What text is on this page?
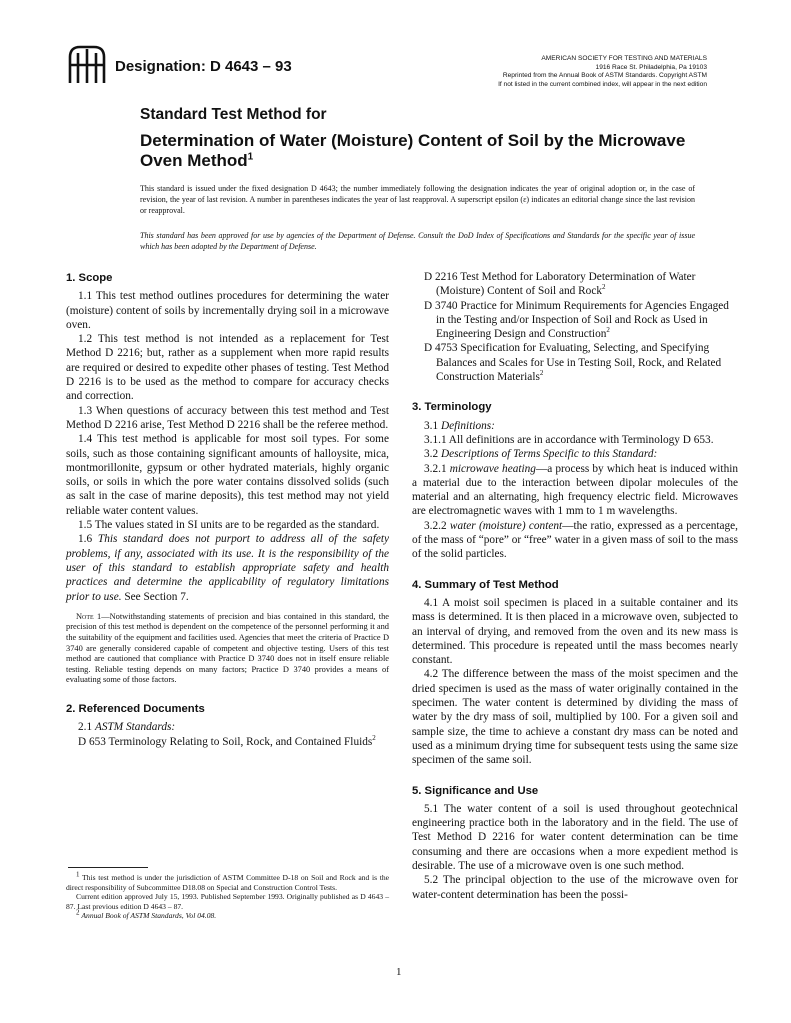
Designation: D 4643 – 93	AMERICAN SOCIETY FOR TESTING AND MATERIALS
1916 Race St. Philadelphia, Pa 19103
Reprinted from the Annual Book of ASTM Standards. Copyright ASTM
If not listed in the current combined index, will appear in the next edition
Standard Test Method for
Determination of Water (Moisture) Content of Soil by the Microwave Oven Method$^1$

This standard is issued under the fixed designation D 4643; the number immediately following the designation indicates the year of original adoption or, in the case of revision, the year of last revision. A number in parentheses indicates the year of last reapproval. A superscript epsilon (ε) indicates an editorial change since the last revision or reapproval.

This standard has been approved for use by agencies of the Department of Defense. Consult the DoD Index of Specifications and Standards for the specific year of issue which has been adopted by the Department of Defense.

1. Scope

1.1 This test method outlines procedures for determining the water (moisture) content of soils by incrementally drying soil in a microwave oven.

1.2 This test method is not intended as a replacement for Test Method D 2216; but, rather as a supplement when more rapid results are required or desired to expedite other phases of testing. Test Method D 2216 is to be used as the method to compare for accuracy checks and correction.

1.3 When questions of accuracy between this test method and Test Method D 2216 arise, Test Method D 2216 shall be the referee method.

1.4 This test method is applicable for most soil types. For some soils, such as those containing significant amounts of halloysite, mica, montmorillonite, gypsum or other hydrated materials, highly organic soils, or soils in which the pore water contains dissolved solids (such as salt in the case of marine deposits), this test method may not yield reliable water content values.

1.5 The values stated in SI units are to be regarded as the standard.

1.6 This standard does not purport to address all of the safety problems, if any, associated with its use. It is the responsibility of the user of this standard to establish appropriate safety and health practices and determine the applicability of regulatory limitations prior to use. See Section 7.

Note 1—Notwithstanding statements of precision and bias contained in this standard, the precision of this test method is dependent on the competence of the personnel performing it and the suitability of the equipment and facilities used. Agencies that meet the criteria of Practice D 3740 are generally considered capable of competent and objective testing. Users of this test method are cautioned that compliance with Practice D 3740 does not in itself ensure reliable testing. Reliable testing depends on many factors; Practice D 3740 provides a means of evaluating some of those factors.

2. Referenced Documents

2.1 ASTM Standards:

D 653 Terminology Relating to Soil, Rock, and Contained Fluids$^2$

$^1$ This test method is under the jurisdiction of ASTM Committee D-18 on Soil and Rock and is the direct responsibility of Subcommittee D18.08 on Special and Construction Control Tests.

Current edition approved July 15, 1993. Published September 1993. Originally published as D 4643 – 87. Last previous edition D 4643 – 87.

$^2$ Annual Book of ASTM Standards, Vol 04.08.

D 2216 Test Method for Laboratory Determination of Water (Moisture) Content of Soil and Rock$^2$

D 3740 Practice for Minimum Requirements for Agencies Engaged in the Testing and/or Inspection of Soil and Rock as Used in Engineering Design and Construction$^2$

D 4753 Specification for Evaluating, Selecting, and Specifying Balances and Scales for Use in Testing Soil, Rock, and Related Construction Materials$^2$

3. Terminology

3.1 Definitions:

3.1.1 All definitions are in accordance with Terminology D 653.

3.2 Descriptions of Terms Specific to this Standard:

3.2.1 microwave heating—a process by which heat is induced within a material due to the interaction between dipolar molecules of the material and an alternating, high frequency electric field. Microwaves are electromagnetic waves with 1 mm to 1 m wavelengths.

3.2.2 water (moisture) content—the ratio, expressed as a percentage, of the mass of “pore” or “free” water in a given mass of soil to the mass of the solid particles.

4. Summary of Test Method

4.1 A moist soil specimen is placed in a suitable container and its mass is determined. It is then placed in a microwave oven, subjected to an interval of drying, and removed from the oven and its new mass is determined. This procedure is repeated until the mass becomes nearly constant.

4.2 The difference between the mass of the moist specimen and the dried specimen is used as the mass of water originally contained in the specimen. The water content is determined by dividing the mass of water by the dry mass of soil, multiplied by 100. For a given soil and sample size, the time to achieve a constant dry mass can be noted and used as a minimum drying time for subsequent tests using the same size specimen of the same soil.

5. Significance and Use

5.1 The water content of a soil is used throughout geotechnical engineering practice both in the laboratory and in the field. The use of Test Method D 2216 for water content determination can be time consuming and there are occasions when a more expedient method is desirable. The use of a microwave oven is one such method.

5.2 The principal objection to the use of the microwave oven for water-content determination has been the possi-

1
